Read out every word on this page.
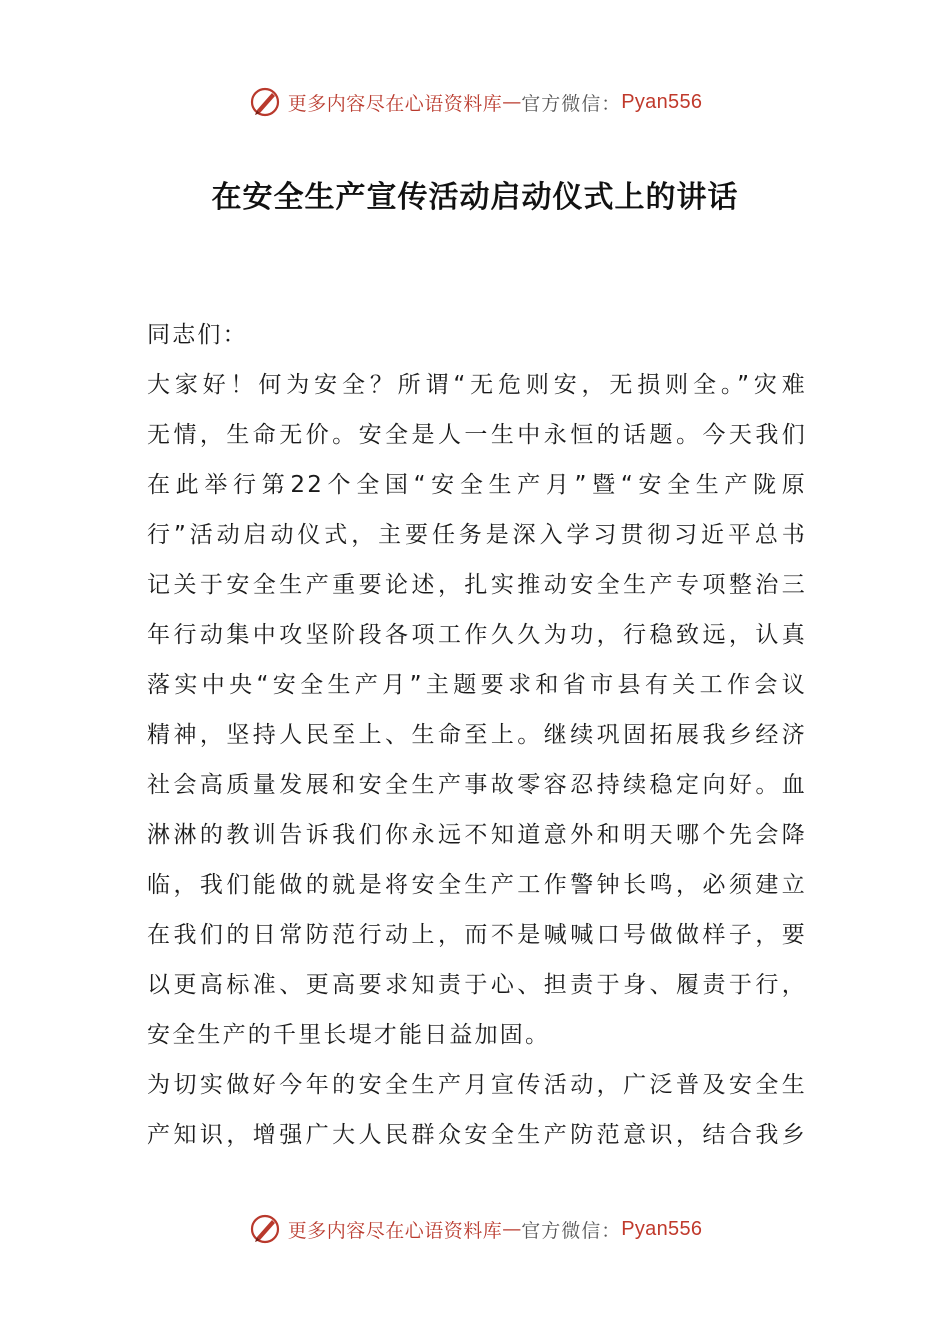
更多内容尽在心语资料库 — 官方微信： Pyan556
在安全生产宣传活动启动仪式上的讲话

同志们：

大家好！何为安全？所谓“无危则安，无损则全。”灾难
无情，生命无价。安全是人一生中永恒的话题。今天我们
在此举行第22个全国“安全生产月”暨“安全生产陇原
行”活动启动仪式，主要任务是深入学习贯彻习近平总书
记关于安全生产重要论述，扎实推动安全生产专项整治三
年行动集中攻坚阶段各项工作久久为功，行稳致远，认真
落实中央“安全生产月”主题要求和省市县有关工作会议
精神，坚持人民至上、生命至上。继续巩固拓展我乡经济
社会高质量发展和安全生产事故零容忍持续稳定向好。血
淋淋的教训告诉我们你永远不知道意外和明天哪个先会降
临，我们能做的就是将安全生产工作警钟长鸣，必须建立
在我们的日常防范行动上，而不是喊喊口号做做样子，要
以更高标准、更高要求知责于心、担责于身、履责于行，
安全生产的千里长堤才能日益加固。

为切实做好今年的安全生产月宣传活动，广泛普及安全生
产知识，增强广大人民群众安全生产防范意识，结合我乡

更多内容尽在心语资料库 — 官方微信： Pyan556
